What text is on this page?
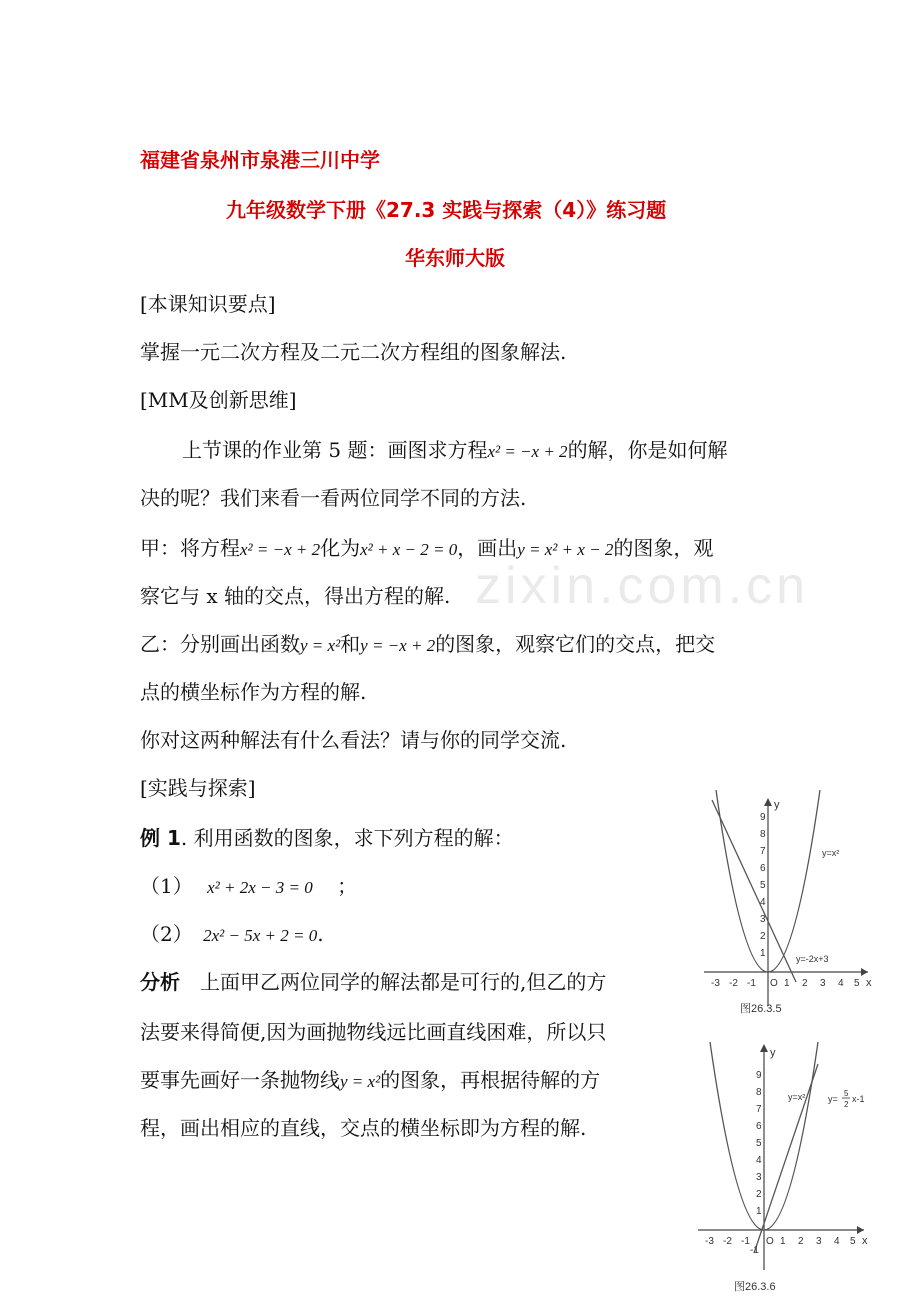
zixin.com.cn
福建省泉州市泉港三川中学
九年级数学下册《27.3 实践与探索（4）》练习题
华东师大版
[本课知识要点]
掌握一元二次方程及二元二次方程组的图象解法.
[MM及创新思维]
上节课的作业第 5 题：画图求方程x² = −x + 2的解，你是如何解
决的呢？我们来看一看两位同学不同的方法.
甲：将方程x² = −x + 2化为x² + x − 2 = 0，画出y = x² + x − 2的图象，观
察它与 x 轴的交点，得出方程的解.
乙：分别画出函数y = x²和y = −x + 2的图象，观察它们的交点，把交
点的横坐标作为方程的解.
你对这两种解法有什么看法？请与你的同学交流.
[实践与探索]
例 1. 利用函数的图象，求下列方程的解：
（1） x² + 2x − 3 = 0 ；
（2） 2x² − 5x + 2 = 0.
分析 上面甲乙两位同学的解法都是可行的,但乙的方
法要来得简便,因为画抛物线远比画直线困难，所以只
要事先画好一条抛物线y = x²的图象，再根据待解的方
程，画出相应的直线，交点的横坐标即为方程的解.
-3 -2 -1 O 1 2 3 4 5
1
2
3
4
5
6
7
8
9
x
y
y=x²
y=-2x+3
图26.3.5
-3 -2 -1 O 1 2 3 4 5
-1
1
2
3
4
5
6
7
8
9
x
y
y=x²	y=
5
2
x-1
图26.3.6
